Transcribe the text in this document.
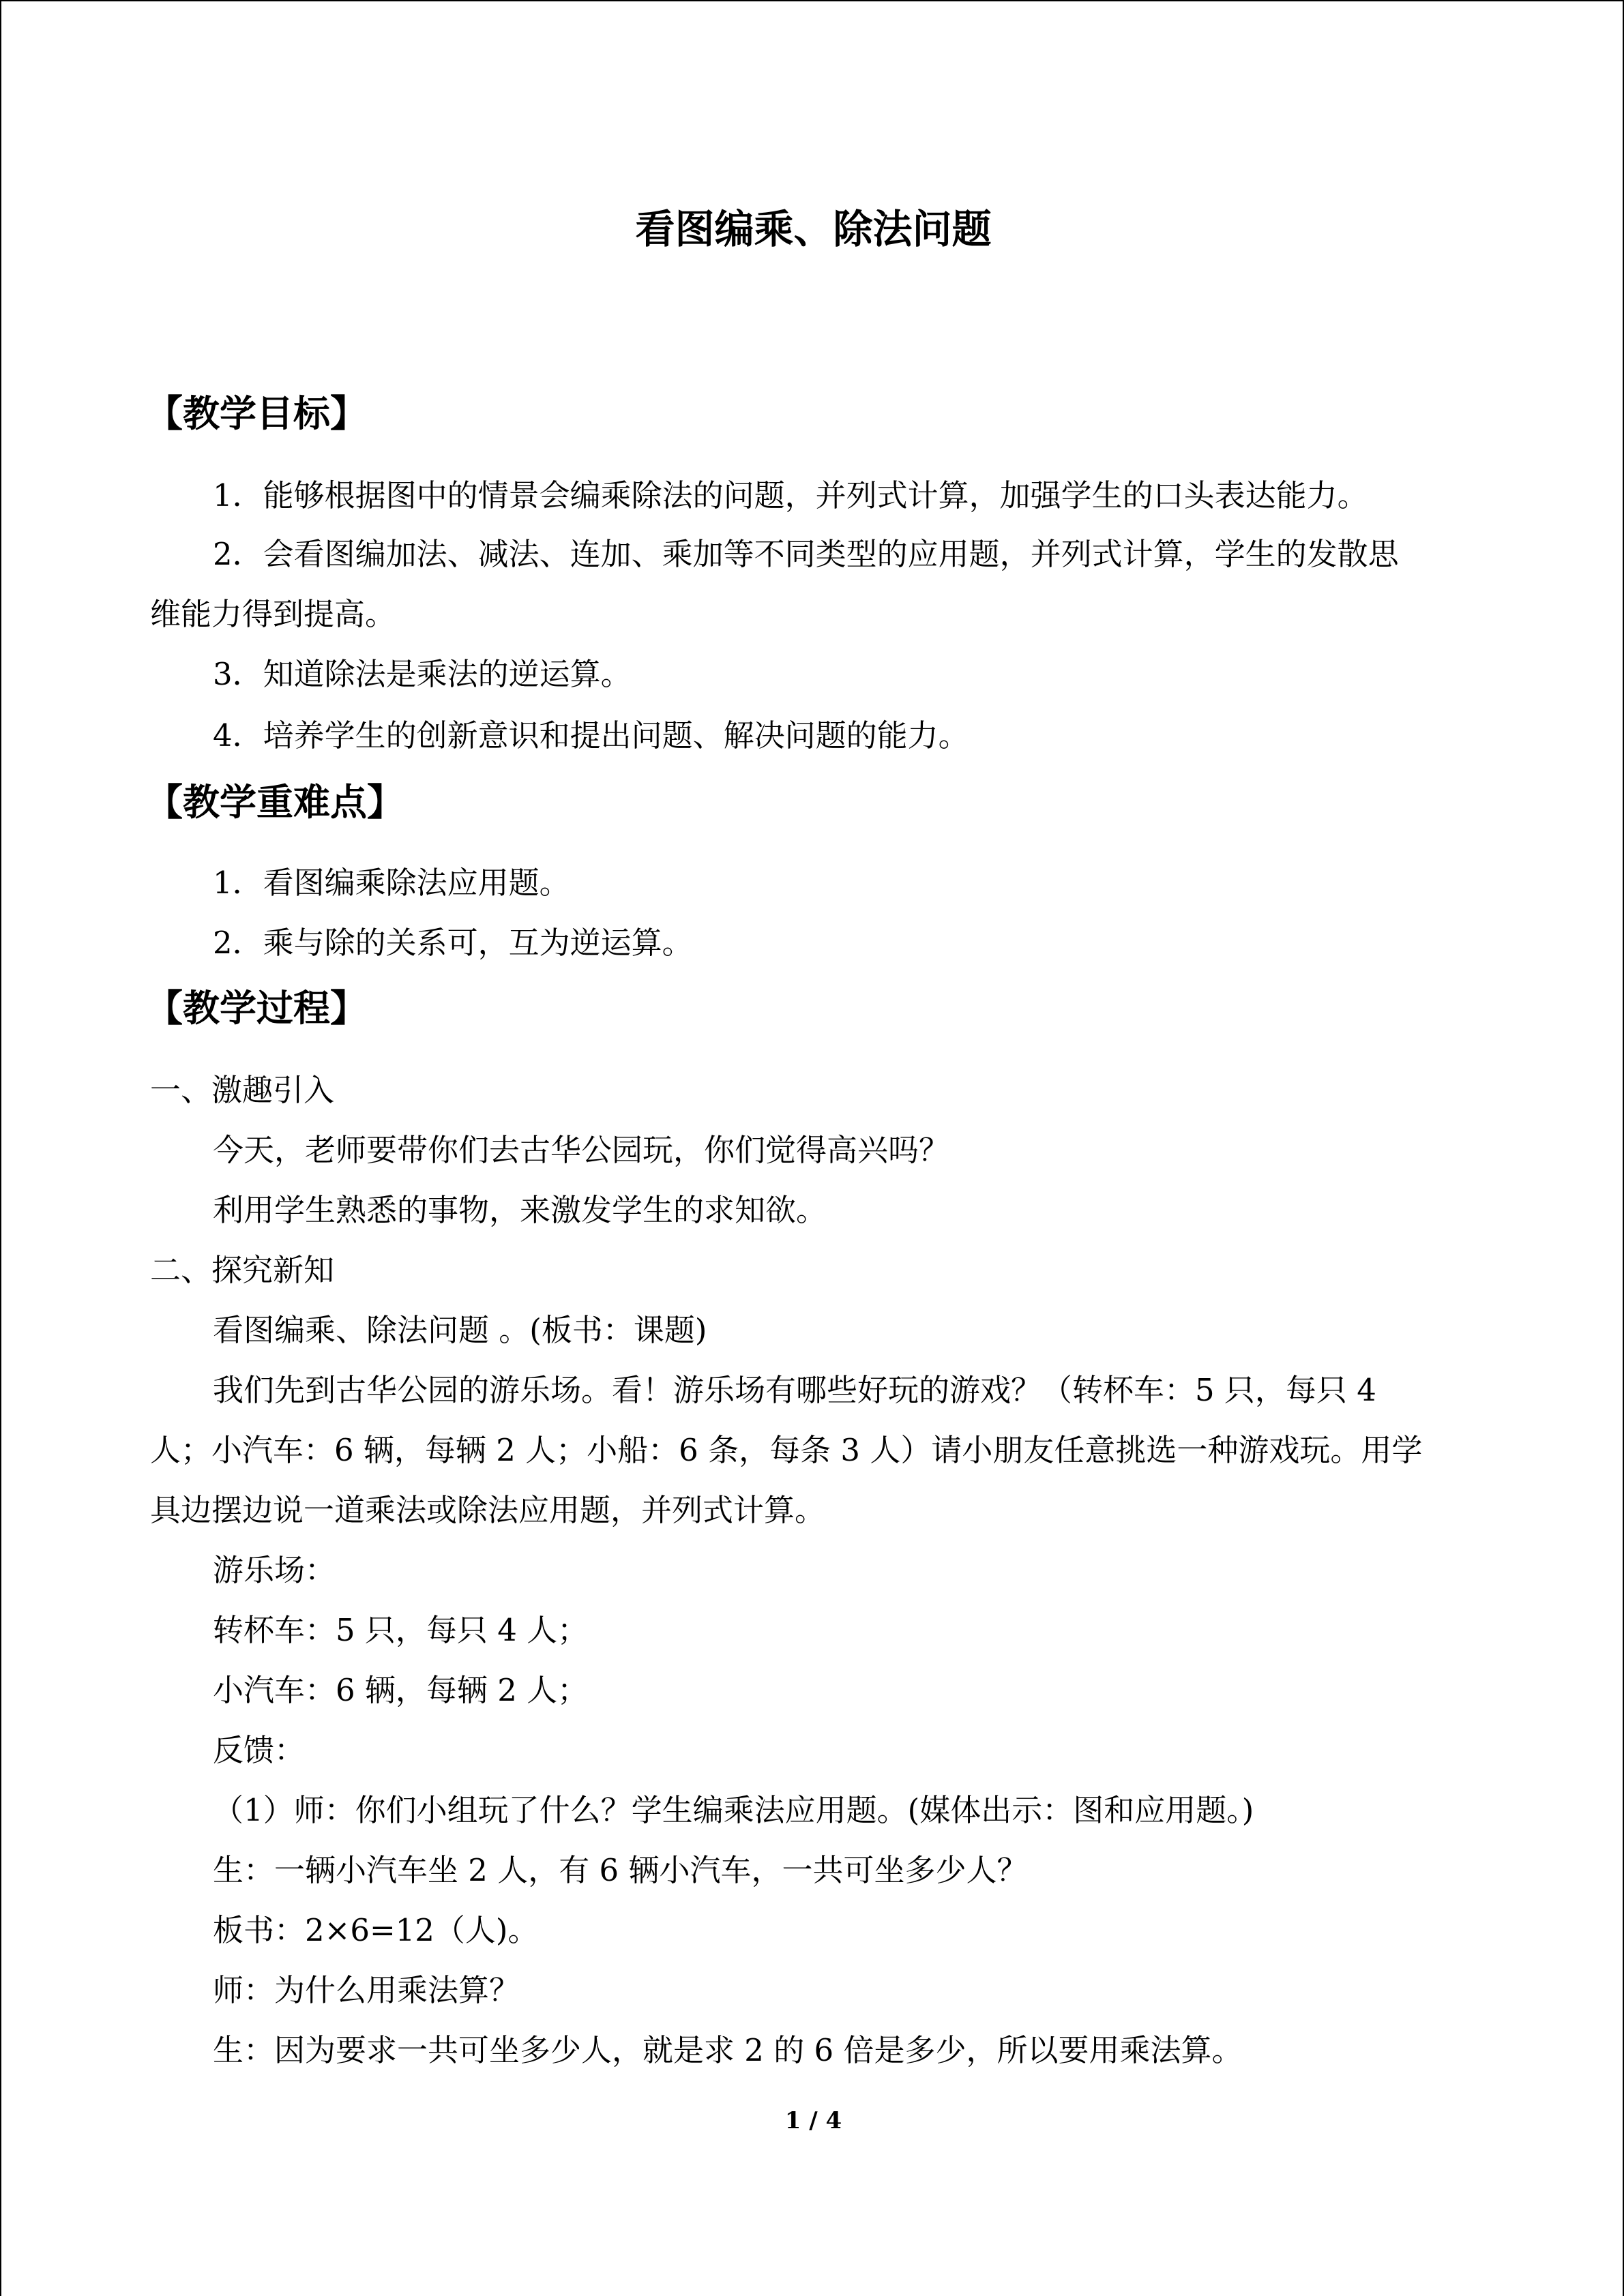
看图编乘、除法问题
【教学目标】
1．能够根据图中的情景会编乘除法的问题，并列式计算，加强学生的口头表达能力。
2．会看图编加法、减法、连加、乘加等不同类型的应用题，并列式计算，学生的发散思
维能力得到提高。
3．知道除法是乘法的逆运算。
4．培养学生的创新意识和提出问题、解决问题的能力。
【教学重难点】
1．看图编乘除法应用题。
2．乘与除的关系可，互为逆运算。
【教学过程】
一、激趣引入
今天，老师要带你们去古华公园玩，你们觉得高兴吗？
利用学生熟悉的事物，来激发学生的求知欲。
二、探究新知
看图编乘、除法问题 。(板书：课题)
我们先到古华公园的游乐场。看！游乐场有哪些好玩的游戏？（转杯车：5 只，每只 4
人；小汽车：6 辆，每辆 2 人；小船：6 条，每条 3 人）请小朋友任意挑选一种游戏玩。用学
具边摆边说一道乘法或除法应用题，并列式计算。
游乐场：
转杯车：5 只，每只 4 人；
小汽车：6 辆，每辆 2 人；
反馈：
（1）师：你们小组玩了什么？学生编乘法应用题。(媒体出示：图和应用题。)
生：一辆小汽车坐 2 人，有 6 辆小汽车，一共可坐多少人？
板书：2×6=12（人)。
师：为什么用乘法算？
生：因为要求一共可坐多少人，就是求 2 的 6 倍是多少，所以要用乘法算。
1 / 4
